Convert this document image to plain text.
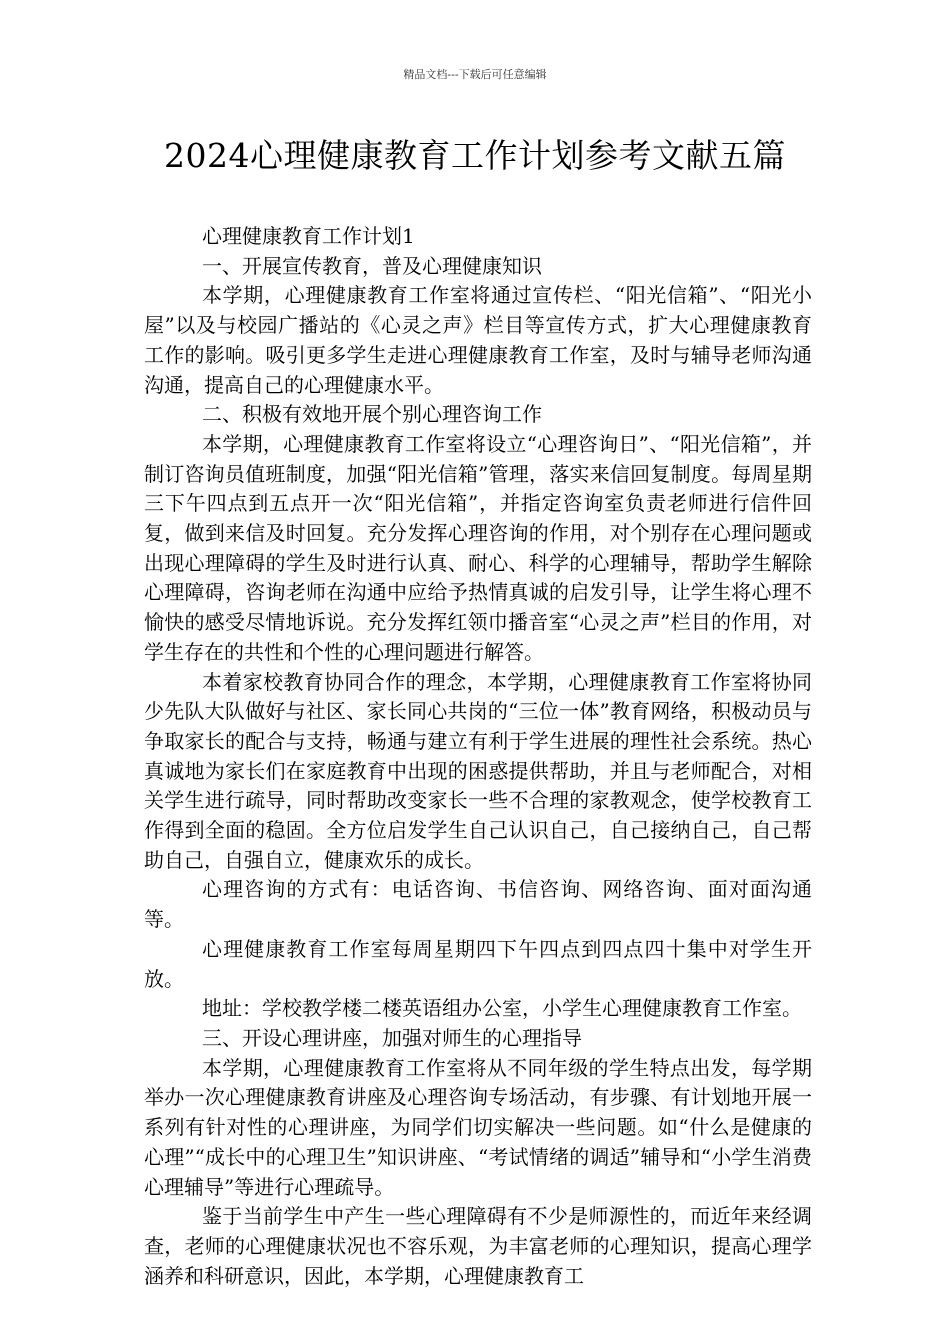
精品文档---下载后可任意编辑
2024心理健康教育工作计划参考文献五篇

心理健康教育工作计划1

一、开展宣传教育，普及心理健康知识

本学期，心理健康教育工作室将通过宣传栏、“阳光信箱”、“阳光小屋”以及与校园广播站的《心灵之声》栏目等宣传方式，扩大心理健康教育工作的影响。吸引更多学生走进心理健康教育工作室，及时与辅导老师沟通沟通，提高自己的心理健康水平。

二、积极有效地开展个别心理咨询工作

本学期，心理健康教育工作室将设立“心理咨询日”、“阳光信箱”，并制订咨询员值班制度，加强“阳光信箱”管理，落实来信回复制度。每周星期三下午四点到五点开一次“阳光信箱”，并指定咨询室负责老师进行信件回复，做到来信及时回复。充分发挥心理咨询的作用，对个别存在心理问题或出现心理障碍的学生及时进行认真、耐心、科学的心理辅导，帮助学生解除心理障碍，咨询老师在沟通中应给予热情真诚的启发引导，让学生将心理不愉快的感受尽情地诉说。充分发挥红领巾播音室“心灵之声”栏目的作用，对学生存在的共性和个性的心理问题进行解答。

本着家校教育协同合作的理念，本学期，心理健康教育工作室将协同少先队大队做好与社区、家长同心共岗的“三位一体”教育网络，积极动员与争取家长的配合与支持，畅通与建立有利于学生进展的理性社会系统。热心真诚地为家长们在家庭教育中出现的困惑提供帮助，并且与老师配合，对相关学生进行疏导，同时帮助改变家长一些不合理的家教观念，使学校教育工作得到全面的稳固。全方位启发学生自己认识自己，自己接纳自己，自己帮助自己，自强自立，健康欢乐的成长。

心理咨询的方式有：电话咨询、书信咨询、网络咨询、面对面沟通等。

心理健康教育工作室每周星期四下午四点到四点四十集中对学生开放。

地址：学校教学楼二楼英语组办公室，小学生心理健康教育工作室。

三、开设心理讲座，加强对师生的心理指导

本学期，心理健康教育工作室将从不同年级的学生特点出发，每学期举办一次心理健康教育讲座及心理咨询专场活动，有步骤、有计划地开展一系列有针对性的心理讲座，为同学们切实解决一些问题。如“什么是健康的心理”“成长中的心理卫生”知识讲座、“考试情绪的调适”辅导和“小学生消费心理辅导”等进行心理疏导。

鉴于当前学生中产生一些心理障碍有不少是师源性的，而近年来经调查，老师的心理健康状况也不容乐观，为丰富老师的心理知识，提高心理学涵养和科研意识，因此，本学期，心理健康教育工
